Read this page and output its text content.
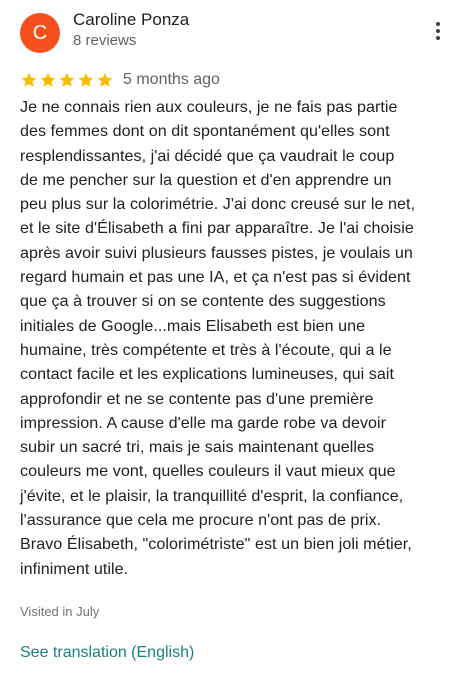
C
Caroline Ponza
8 reviews
5 months ago
Je ne connais rien aux couleurs, je ne fais pas partie
des femmes dont on dit spontanément qu'elles sont
resplendissantes, j'ai décidé que ça vaudrait le coup
de me pencher sur la question et d'en apprendre un
peu plus sur la colorimétrie. J'ai donc creusé sur le net,
et le site d'Élisabeth a fini par apparaître. Je l'ai choisie
après avoir suivi plusieurs fausses pistes, je voulais un
regard humain et pas une IA, et ça n'est pas si évident
que ça à trouver si on se contente des suggestions
initiales de Google...mais Elisabeth est bien une
humaine, très compétente et très à l'écoute, qui a le
contact facile et les explications lumineuses, qui sait
approfondir et ne se contente pas d'une première
impression. A cause d'elle ma garde robe va devoir
subir un sacré tri, mais je sais maintenant quelles
couleurs me vont, quelles couleurs il vaut mieux que
j'évite, et le plaisir, la tranquillité d'esprit, la confiance,
l'assurance que cela me procure n'ont pas de prix.
Bravo Élisabeth, "colorimétriste" est un bien joli métier,
infiniment utile.
Visited in July
See translation (English)
